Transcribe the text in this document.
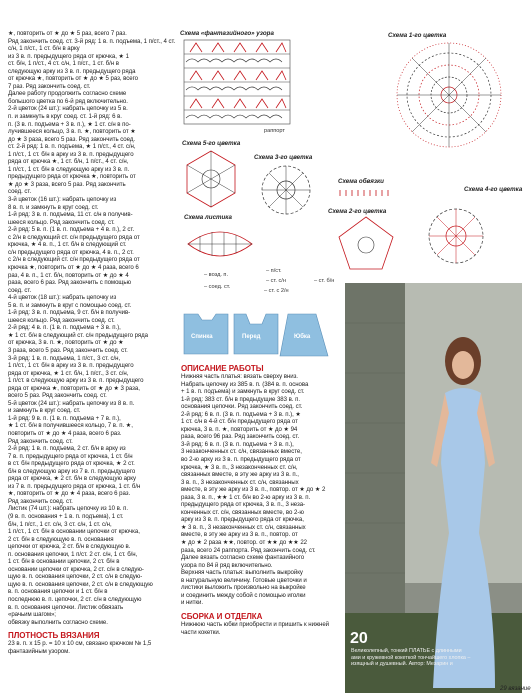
★, повторить от ★ до ★ 5 раз, всего 7 раз.

Ряд закончить соед. ст. 3-й ряд: 1 в. п. подъема, 1 п/ст., 4 ст. с/н, 1 п/ст., 1 ст. б/н в арку

из 3 в. п. предыдущего ряда от крючка, ★ 1

ст. б/н, 1 п/ст., 4 ст. с/н, 1 п/ст., 1 ст. б/н в

следующую арку из 3 в. п. предыдущего ряда

от крючка ★, повторить от ★ до ★ 5 раз, всего

7 раз. Ряд закончить соед. ст.

Далее работу продолжить согласно схеме

большого цветка по 6-й ряд включительно.

2-й цветок (24 шт.): набрать цепочку из 5 в.

п. и замкнуть в круг соед. ст. 1-й ряд: 6 в.

п. (3 в. п. подъема + 3 в. п.), ★ 1 ст. с/н в по-

лучившееся кольцо, 3 в. п. ★, повторить от ★

до ★ 3 раза, всего 5 раз. Ряд закончить соед.

ст. 2-й ряд: 1 в. п. подъема, ★ 1 п/ст., 4 ст. с/н,

1 п/ст., 1 ст. б/н в арку из 3 в. п. предыдущего

ряда от крючка ★, 1 ст. б/н, 1 п/ст., 4 ст. с/н,

1 п/ст., 1 ст. б/н в следующую арку из 3 в. п.

предыдущего ряда от крючка ★, повторить от

★ до ★ 3 раза, всего 5 раз. Ряд закончить

соед. ст.

3-й цветок (16 шт.): набрать цепочку из

8 в. п. и замкнуть в круг соед. ст.

1-й ряд: 3 в. п. подъема, 11 ст. с/н в получив-

шееся кольцо. Ряд закончить соед. ст.

2-й ряд: 5 в. п. (1 в. п. подъема + 4 в. п.), 2 ст.

с 2/н в следующий ст. с/н предыдущего ряда от

крючка, ★ 4 в. п., 1 ст. б/н в следующий ст.

с/н предыдущего ряда от крючка, 4 в. п., 2 ст.

с 2/н в следующий ст. с/н предыдущего ряда от

крючка ★, повторить от ★ до ★ 4 раза, всего 6

раз, 4 в. п., 1 ст. б/н, повторить от ★ до ★ 4

раза, всего 6 раз. Ряд закончить с помощью

соед. ст.

4-й цветок (18 шт.): набрать цепочку из

5 в. п. и замкнуть в круг с помощью соед. ст.

1-й ряд: 3 в. п. подъема, 9 ст. б/н в получив-

шееся кольцо. Ряд закончить соед. ст.

2-й ряд: 4 в. п. (1 в. п. подъема + 3 в. п.),

★ 1 ст. б/н в следующий ст. с/н предыдущего ряда

от крючка, 3 в. п. ★, повторить от ★ до ★

3 раза, всего 5 раз. Ряд закончить соед. ст.

3-й ряд: 1 в. п. подъема, 1 п/ст., 3 ст. с/н,

1 п/ст., 1 ст. б/н в арку из 3 в. п. предыдущего

ряда от крючка, ★ 1 ст. б/н, 1 п/ст., 3 ст. с/н,

1 п/ст. в следующую арку из 3 в. п. предыдущего

ряда от крючка ★, повторить от ★ до ★ 3 раза,

всего 5 раз. Ряд закончить соед. ст.

5-й цветок (24 шт.): набрать цепочку из 8 в. п.

и замкнуть в круг соед. ст.

1-й ряд: 9 в. п. (1 в. п. подъема + 7 в. п.),

★ 1 ст. б/н в получившееся кольцо, 7 в. п. ★,

повторить от ★ до ★ 4 раза, всего 6 раз.

Ряд закончить соед. ст.

2-й ряд: 1 в. п. подъема, 2 ст. б/н в арку из

7 в. п. предыдущего ряда от крючка, 1 ст. б/н

в ст. б/н предыдущего ряда от крючка, ★ 2 ст.

б/н в следующую арку из 7 в. п. предыдущего

ряда от крючка, ★ 2 ст. б/н в следующую арку

из 7 в. п. предыдущего ряда от крючка, 1 ст. б/н

★, повторить от ★ до ★ 4 раза, всего 6 раз.

Ряд закончить соед. ст.

Листик (74 шт.): набрать цепочку из 10 в. п.

(9 в. п. основания + 1 в. п. подъема), 1 ст.

б/н, 1 п/ст., 1 ст. с/н, 3 ст. с/н, 1 ст. с/н,

1 п/ст., 1 ст. б/н в основании цепочки от крючка,

2 ст. б/н в следующую в. п. основания

цепочки от крючка, 2 ст. б/н в следующую в.

п. основания цепочки, 1 п/ст. 2 ст. с/н, 1 ст. б/н,

1 ст. б/н в основании цепочки, 2 ст. б/н в

основании цепочки от крючка, 2 ст. с/н в следую-

щую в. п. основания цепочки, 2 ст. с/н в следую-

щую в. п. основания цепочки, 2 ст. с/н в следующую

в. п. основания цепочки и 1 ст. б/н в

последнюю в. п. цепочки, 2 ст. с/н в следующую

в. п. основания цепочки. Листик обвязать

«рачьим шагом»;

обвязку выполнить согласно схеме.

ПЛОТНОСТЬ ВЯЗАНИЯ

23 в. п. х 15 р. = 10 х 10 см, связано крючком № 1,5 фантазийным узором.

Схема «фантазийного» узора	Схема 1-го цветка
раппорт
Схема 5-го цветка
Схема 3-го цветка
Схема обвязки
Схема 2-го цветка
Схема 4-го цветка
Схема листика
– возд. п.
– п/ст.
– ст. с/н	– ст. б/н
– ст. с 2/н
– соед. ст.
Спинка	Перед	Юбка

ОПИСАНИЕ РАБОТЫ

Нижняя часть платья: вязать сверху вниз.

Набрать цепочку из 385 в. п. (384 в. п. основа

+ 1 в. п. подъема) и замкнуть в круг соед. ст.

1-й ряд: 383 ст. б/н в предыдущие 383 в. п.

основания цепочки. Ряд закончить соед. ст.

2-й ряд: 6 в. п. (3 в. п. подъема + 3 в. п.), ★

1 ст. с/н в 4-й ст. б/н предыдущего ряда от

крючка, 3 в. п. ★, повторить от ★ до ★ 94

раза, всего 96 раз. Ряд закончить соед. ст.

3-й ряд: 6 в. п. (3 в. п. подъема + 3 в. п.),

3 незаконченных ст. с/н, связанных вместе,

во 2-ю арку из 3 в. п. предыдущего ряда от

крючка, ★ 3 в. п., 3 незаконченных ст. с/н,

связанных вместе, в эту же арку из 3 в. п.,

3 в. п., 3 незаконченных ст. с/н, связанных

вместе, в эту же арку из 3 в. п., повтор. от ★ до ★ 2

раза, 3 в. п., ★★ 1 ст. б/н во 2-ю арку из 3 в. п.

предыдущего ряда от крючка, 3 в. п., 3 неза-

конченных ст. с/н, связанных вместе, во 2-ю

арку из 3 в. п. предыдущего ряда от крючка,

★ 3 в. п., 3 незаконченных ст. с/н, связанных

вместе, в эту же арку из 3 в. п., повтор. от

★ до ★ 2 раза ★★, повтор. от ★★ до ★★ 22

раза, всего 24 раппорта. Ряд закончить соед. ст.

Далее вязать согласно схеме фантазийного

узора по 84 й ряд включительно.

Верхняя часть платья: выполнить выкройку

в натуральную величину. Готовые цветочки и

листики выложить произвольно на выкройке

и соединить между собой с помощью иголки

и нитки.

СБОРКА И ОТДЕЛКА

Нижнюю часть юбки приобрести и пришить к нижней части кокетки.	20
Великолепный, тонкий ПЛАТЬЕ с длинными ами и кружевной кокеткой тончайшего хлопка – изящный и душевный. Автор: Мезарин и
29 вязание
